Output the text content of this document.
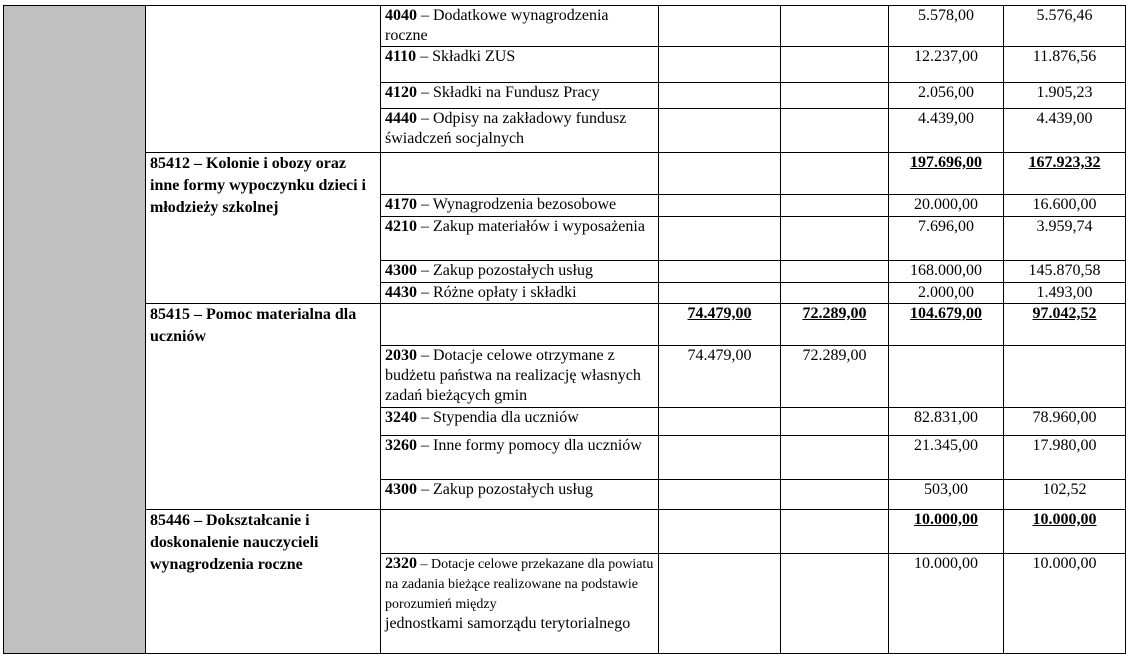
		4040 – Dodatkowe wynagrodzenia roczne			5.578,00	5.576,46
		4110 – Składki ZUS			12.237,00	11.876,56
		4120 – Składki na Fundusz Pracy			2.056,00	1.905,23
		4440 – Odpisy na zakładowy fundusz świadczeń socjalnych			4.439,00	4.439,00
	85412 – Kolonie i obozy oraz inne formy wypoczynku dzieci i młodzieży szkolnej				197.696,00	167.923,32
		4170 – Wynagrodzenia bezosobowe			20.000,00	16.600,00
		4210 – Zakup materiałów i wyposażenia			7.696,00	3.959,74
		4300 – Zakup pozostałych usług			168.000,00	145.870,58
		4430 – Różne opłaty i składki			2.000,00	1.493,00
	85415 – Pomoc materialna dla uczniów		74.479,00	72.289,00	104.679,00	97.042,52
		2030 – Dotacje celowe otrzymane z budżetu państwa na realizację własnych zadań bieżących gmin	74.479,00	72.289,00		
		3240 – Stypendia dla uczniów			82.831,00	78.960,00
		3260 – Inne formy pomocy dla uczniów			21.345,00	17.980,00
		4300 – Zakup pozostałych usług			503,00	102,52
	85446 – Dokształcanie i doskonalenie nauczycieli wynagrodzenia roczne				10.000,00	10.000,00
		2320 – Dotacje celowe przekazane dla powiatu na zadania bieżące realizowane na podstawie porozumień między
jednostkami samorządu terytorialnego			10.000,00	10.000,00
